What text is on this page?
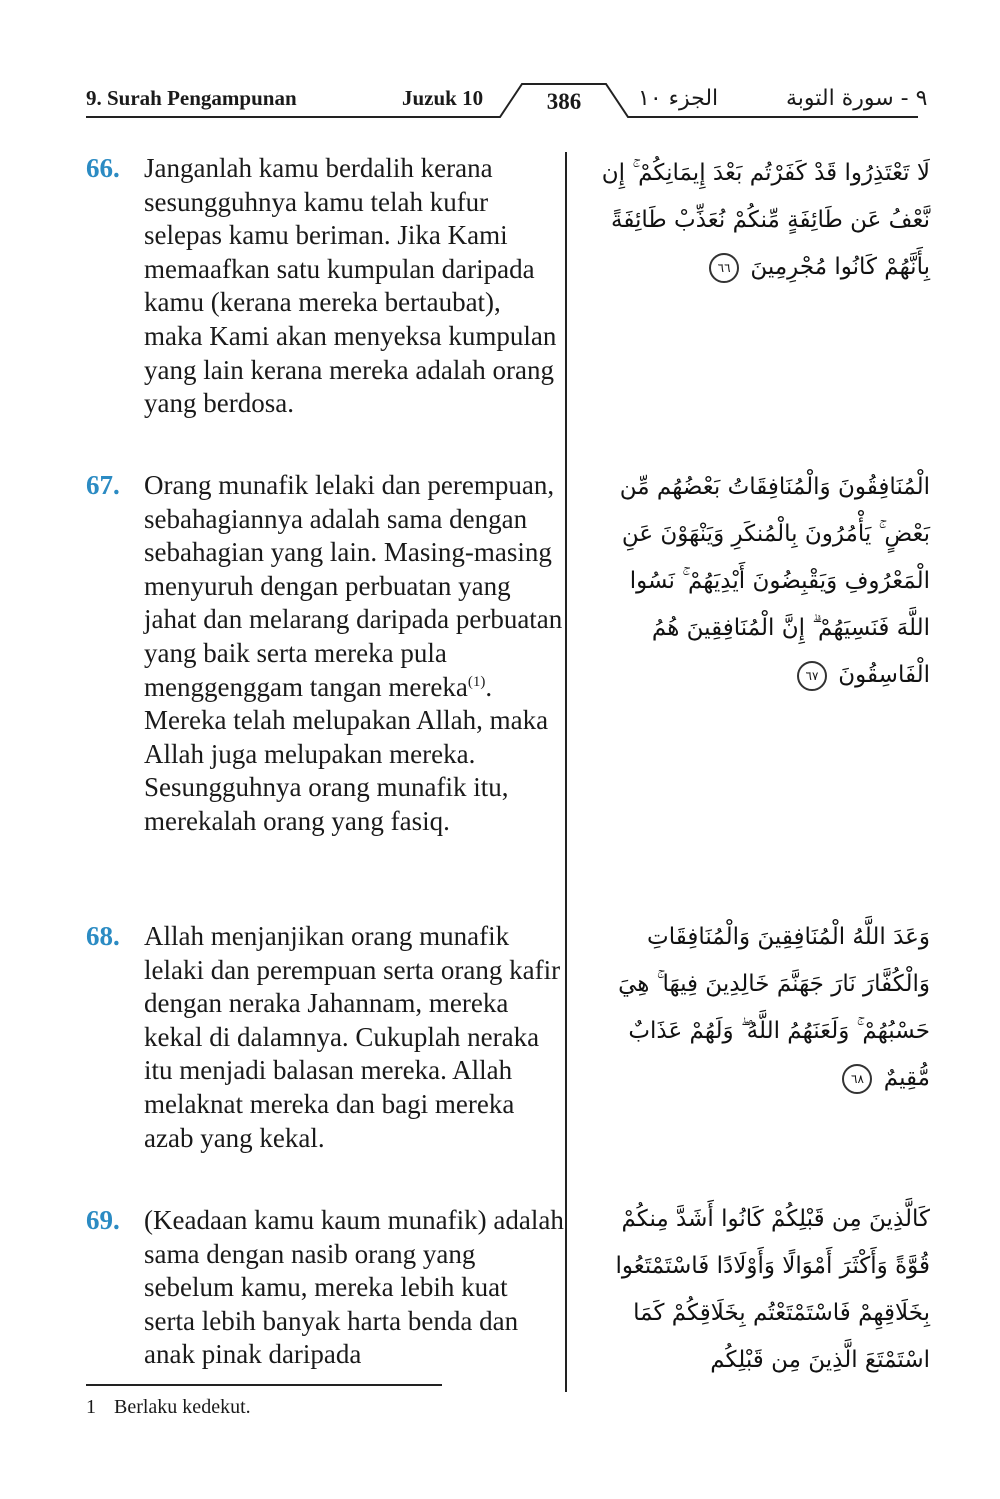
9. Surah Pengampunan	Juzuk 10	386	الجزء ١٠	٩ - سورة التوبة
66. Janganlah kamu berdalih kerana sesungguhnya kamu telah kufur selepas kamu beriman. Jika Kami memaafkan satu kumpulan daripada kamu (kerana mereka bertaubat), maka Kami akan menyeksa kumpulan yang lain kerana mereka adalah orang yang berdosa.
لَا تَعْتَذِرُوا قَدْ كَفَرْتُم بَعْدَ إِيمَانِكُمْ ۚ إِن نَّعْفُ عَن طَائِفَةٍ مِّنكُمْ نُعَذِّبْ طَائِفَةً بِأَنَّهُمْ كَانُوا مُجْرِمِينَ ٦٦
67. Orang munafik lelaki dan perempuan, sebahagiannya adalah sama dengan sebahagian yang lain. Masing-masing menyuruh dengan perbuatan yang jahat dan melarang daripada perbuatan yang baik serta mereka pula menggenggam tangan mereka$^{(1)}$. Mereka telah melupakan Allah, maka Allah juga melupakan mereka. Sesungguhnya orang munafik itu, merekalah orang yang fasiq.
الْمُنَافِقُونَ وَالْمُنَافِقَاتُ بَعْضُهُم مِّن بَعْضٍ ۚ يَأْمُرُونَ بِالْمُنكَرِ وَيَنْهَوْنَ عَنِ الْمَعْرُوفِ وَيَقْبِضُونَ أَيْدِيَهُمْ ۚ نَسُوا اللَّهَ فَنَسِيَهُمْ ۗ إِنَّ الْمُنَافِقِينَ هُمُ الْفَاسِقُونَ ٦٧
68. Allah menjanjikan orang munafik lelaki dan perempuan serta orang kafir dengan neraka Jahannam, mereka kekal di dalamnya. Cukuplah neraka itu menjadi balasan mereka. Allah melaknat mereka dan bagi mereka azab yang kekal.
وَعَدَ اللَّهُ الْمُنَافِقِينَ وَالْمُنَافِقَاتِ وَالْكُفَّارَ نَارَ جَهَنَّمَ خَالِدِينَ فِيهَا ۚ هِيَ حَسْبُهُمْ ۚ وَلَعَنَهُمُ اللَّهُ ۖ وَلَهُمْ عَذَابٌ مُّقِيمٌ ٦٨
69. (Keadaan kamu kaum munafik) adalah sama dengan nasib orang yang sebelum kamu, mereka lebih kuat serta lebih banyak harta benda dan anak pinak daripada
كَالَّذِينَ مِن قَبْلِكُمْ كَانُوا أَشَدَّ مِنكُمْ قُوَّةً وَأَكْثَرَ أَمْوَالًا وَأَوْلَادًا فَاسْتَمْتَعُوا بِخَلَاقِهِمْ فَاسْتَمْتَعْتُم بِخَلَاقِكُمْ كَمَا اسْتَمْتَعَ الَّذِينَ مِن قَبْلِكُم
1 Berlaku kedekut.
